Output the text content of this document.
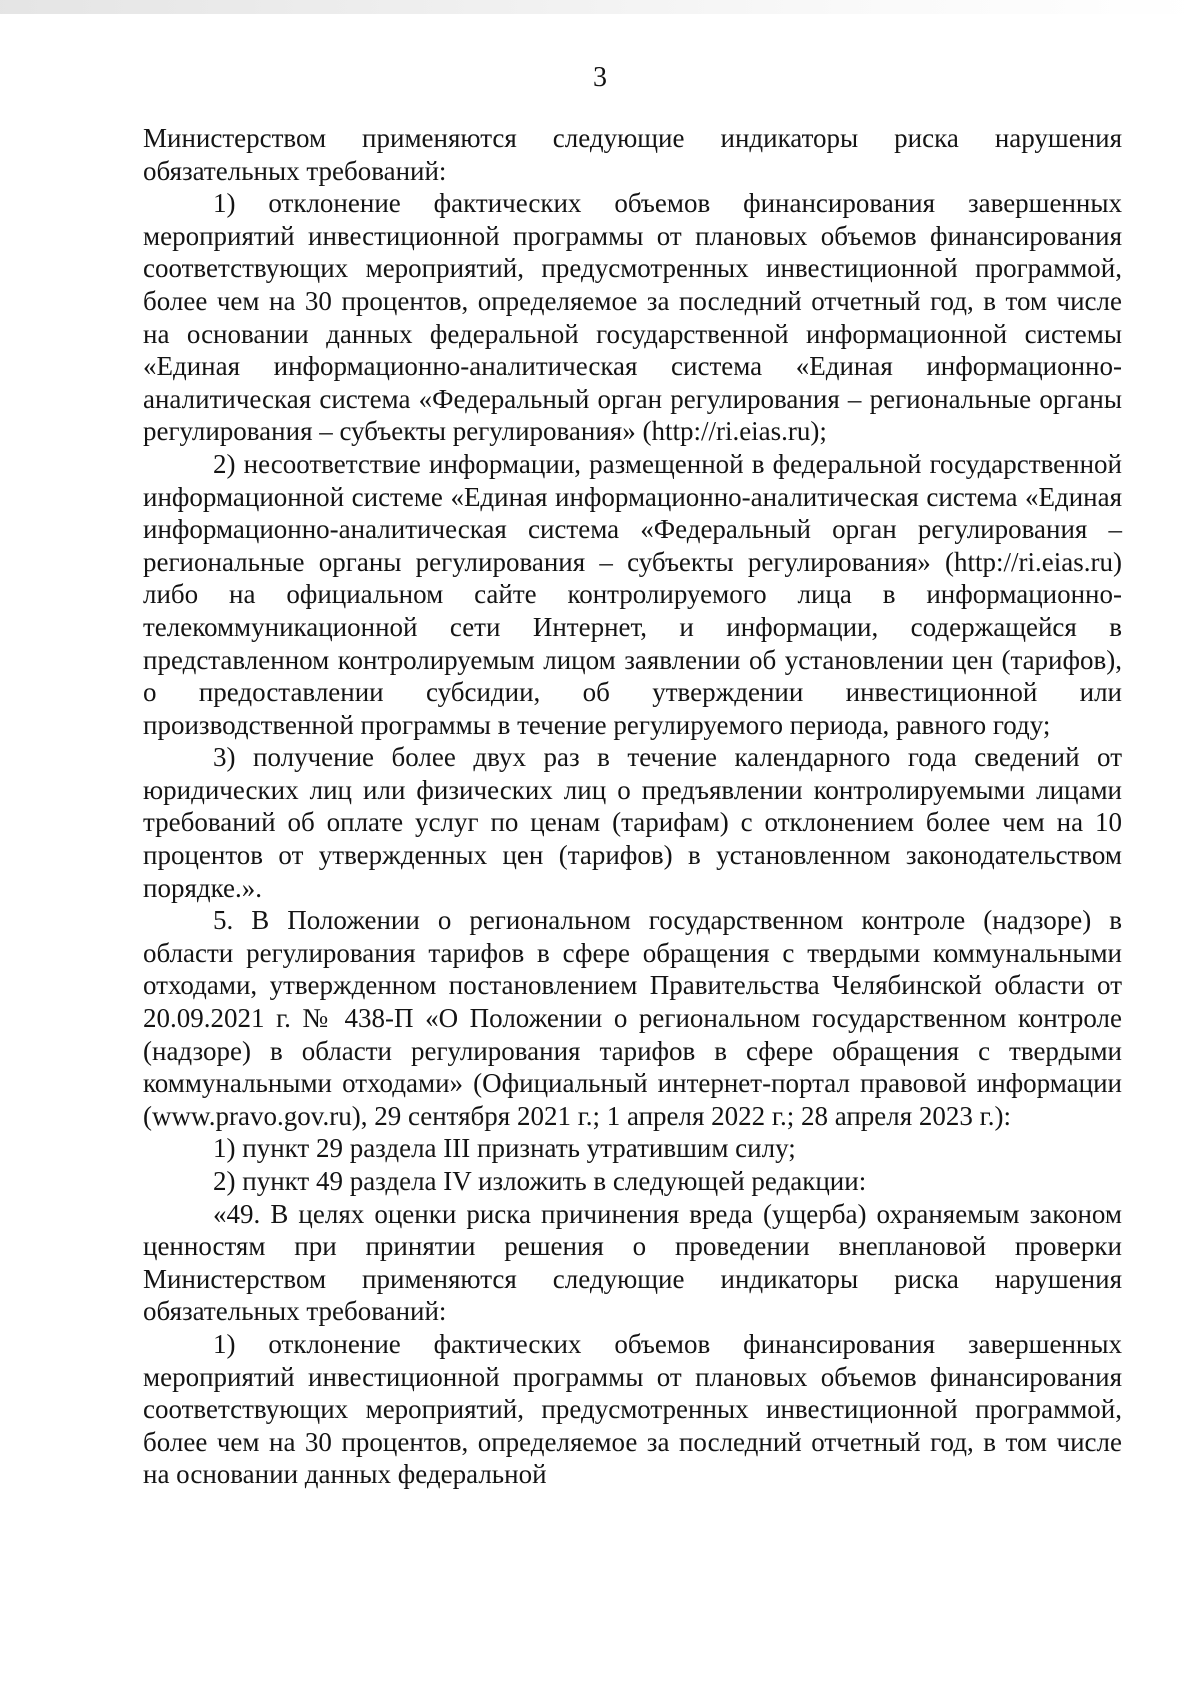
3

Министерством применяются следующие индикаторы риска нарушения обязательных требований:

1) отклонение фактических объемов финансирования завершенных мероприятий инвестиционной программы от плановых объемов финансирования соответствующих мероприятий, предусмотренных инвестиционной программой, более чем на 30 процентов, определяемое за последний отчетный год, в том числе на основании данных федеральной государственной информационной системы «Единая информационно-аналитическая система «Единая информационно-аналитическая система «Федеральный орган регулирования – региональные органы регулирования – субъекты регулирования» (http://ri.eias.ru);

2) несоответствие информации, размещенной в федеральной государственной информационной системе «Единая информационно-аналитическая система «Единая информационно-аналитическая система «Федеральный орган регулирования – региональные органы регулирования – субъекты регулирования» (http://ri.eias.ru) либо на официальном сайте контролируемого лица в информационно-телекоммуникационной сети Интернет, и информации, содержащейся в представленном контролируемым лицом заявлении об установлении цен (тарифов), о предоставлении субсидии, об утверждении инвестиционной или производственной программы в течение регулируемого периода, равного году;

3) получение более двух раз в течение календарного года сведений от юридических лиц или физических лиц о предъявлении контролируемыми лицами требований об оплате услуг по ценам (тарифам) с отклонением более чем на 10 процентов от утвержденных цен (тарифов) в установленном законодательством порядке.».

5. В Положении о региональном государственном контроле (надзоре) в области регулирования тарифов в сфере обращения с твердыми коммунальными отходами, утвержденном постановлением Правительства Челябинской области от 20.09.2021 г. № 438-П «О Положении о региональном государственном контроле (надзоре) в области регулирования тарифов в сфере обращения с твердыми коммунальными отходами» (Официальный интернет-портал правовой информации (www.pravo.gov.ru), 29 сентября 2021 г.; 1 апреля 2022 г.; 28 апреля 2023 г.):

1) пункт 29 раздела III признать утратившим силу;

2) пункт 49 раздела IV изложить в следующей редакции:

«49. В целях оценки риска причинения вреда (ущерба) охраняемым законом ценностям при принятии решения о проведении внеплановой проверки Министерством применяются следующие индикаторы риска нарушения обязательных требований:

1) отклонение фактических объемов финансирования завершенных мероприятий инвестиционной программы от плановых объемов финансирования соответствующих мероприятий, предусмотренных инвестиционной программой, более чем на 30 процентов, определяемое за последний отчетный год, в том числе на основании данных федеральной
